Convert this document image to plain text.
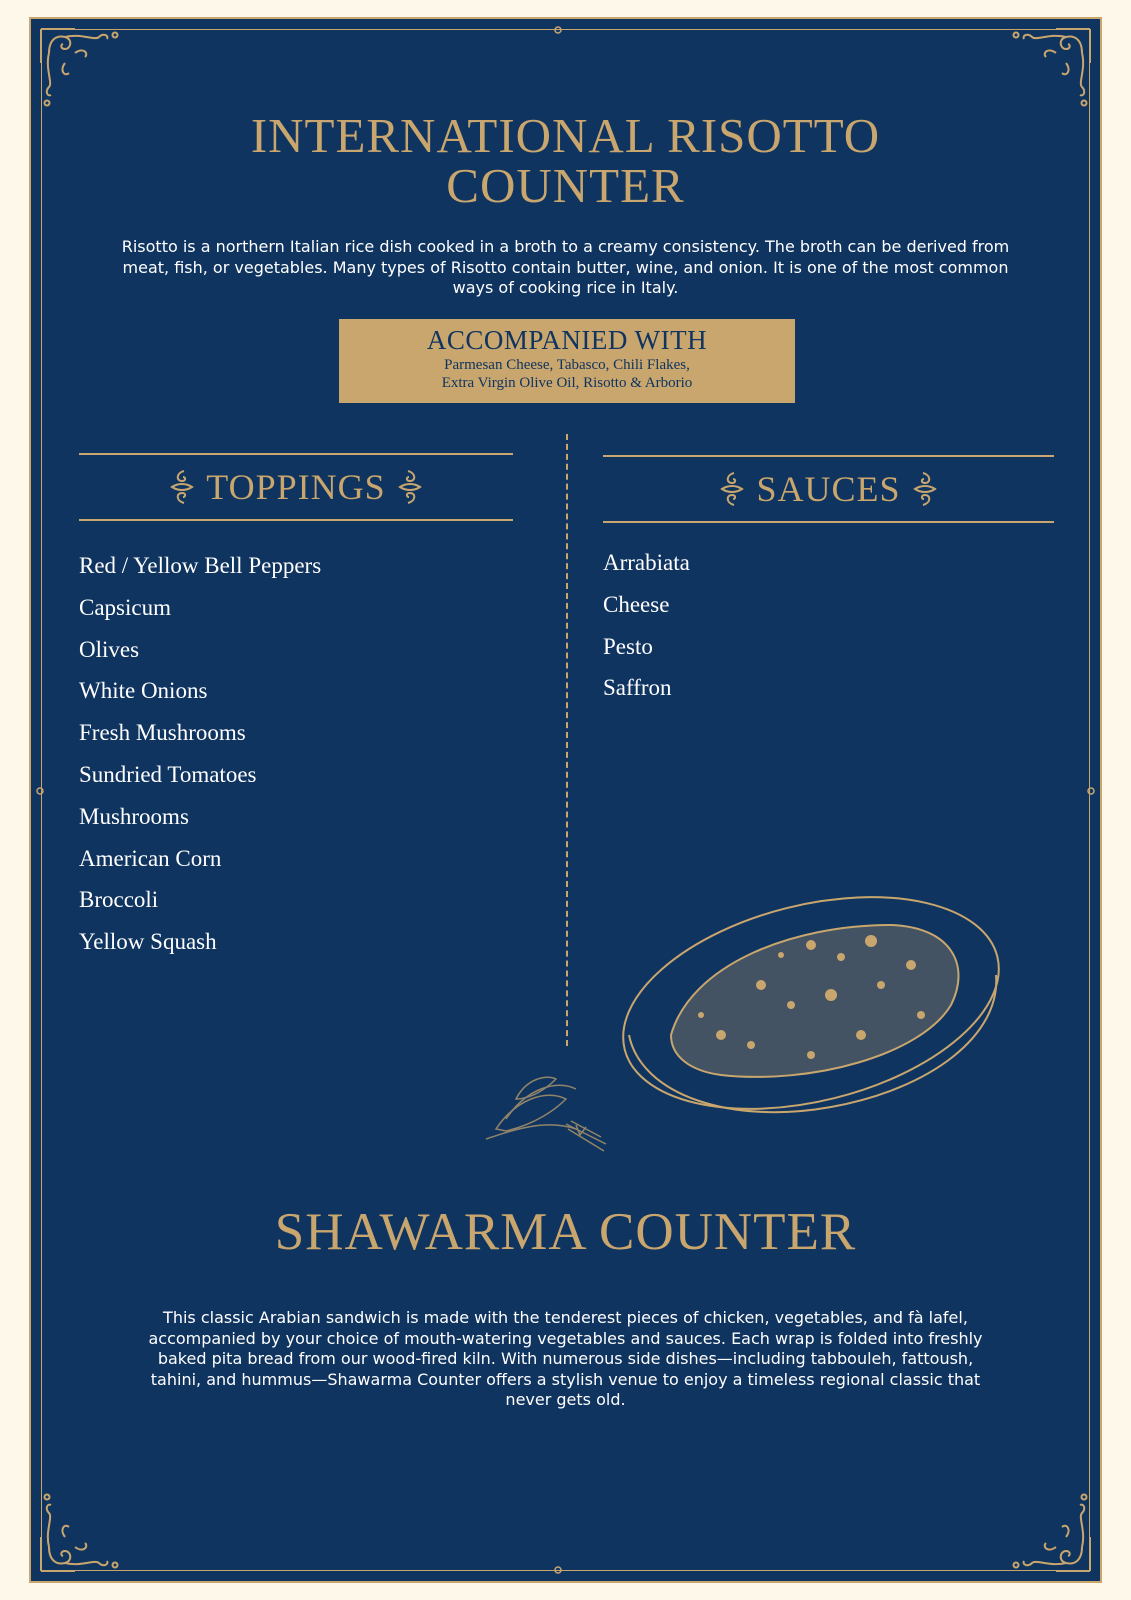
INTERNATIONAL RISOTTO
COUNTER
Risotto is a northern Italian rice dish cooked in a broth to a creamy consistency. The broth can be derived from meat, fish, or vegetables. Many types of Risotto contain butter, wine, and onion. It is one of the most common ways of cooking rice in Italy.
ACCOMPANIED WITH
Parmesan Cheese, Tabasco, Chili Flakes,
Extra Virgin Olive Oil, Risotto & Arborio
TOPPINGS
Red / Yellow Bell Peppers
Capsicum
Olives
White Onions
Fresh Mushrooms
Sundried Tomatoes
Mushrooms
American Corn
Broccoli
Yellow Squash
SAUCES
Arrabiata
Cheese
Pesto
Saffron
SHAWARMA COUNTER
This classic Arabian sandwich is made with the tenderest pieces of chicken, vegetables, and fà lafel, accompanied by your choice of mouth-watering vegetables and sauces. Each wrap is folded into freshly baked pita bread from our wood-fired kiln. With numerous side dishes—including tabbouleh, fattoush, tahini, and hummus—Shawarma Counter offers a stylish venue to enjoy a timeless regional classic that never gets old.
